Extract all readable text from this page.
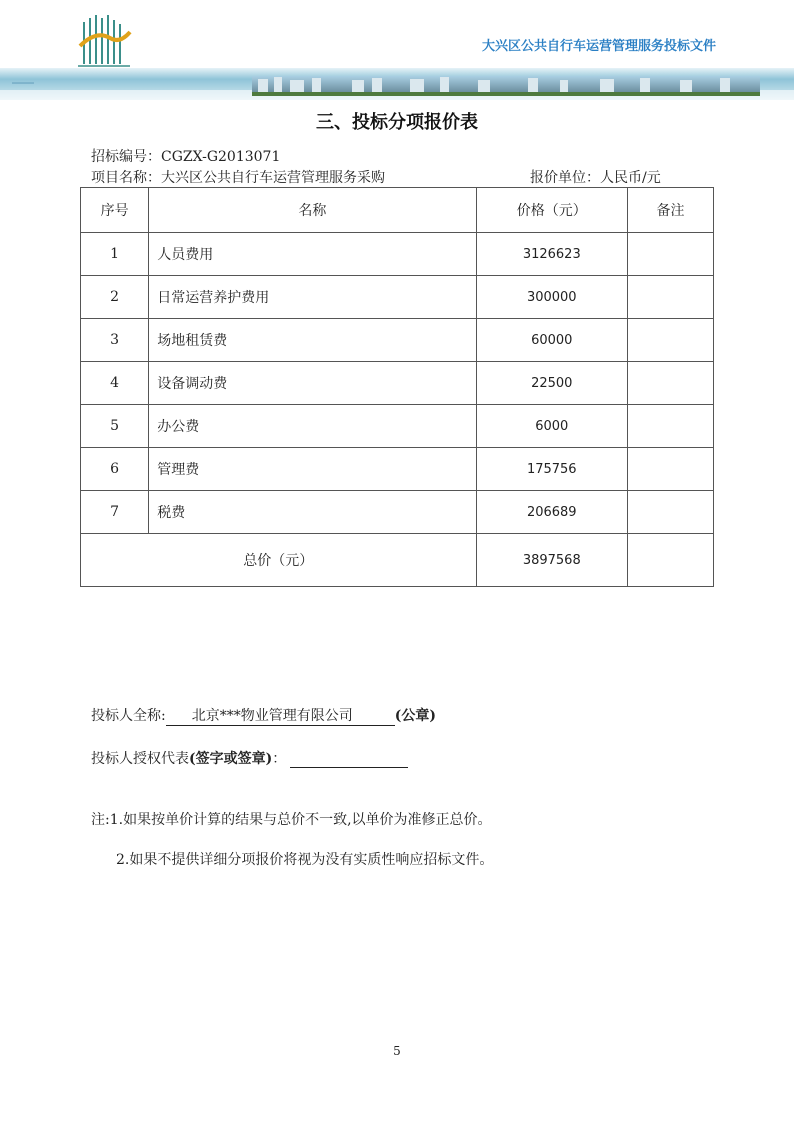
大兴区公共自行车运营管理服务投标文件
三、投标分项报价表
招标编号：CGZX-G2013071
项目名称：大兴区公共自行车运营管理服务采购	报价单位：人民币/元
序号	名称	价格（元）	备注
1	人员费用	3126623	
2	日常运营养护费用	300000	
3	场地租赁费	60000	
4	设备调动费	22500	
5	办公费	6000	
6	管理费	175756	
7	税费	206689	
总价（元）		3897568	
投标人全称: 北京***物业管理有限公司	(公章)
投标人授权代表(签字或签章)：
注:1.如果按单价计算的结果与总价不一致,以单价为准修正总价。
2.如果不提供详细分项报价将视为没有实质性响应招标文件。
5
